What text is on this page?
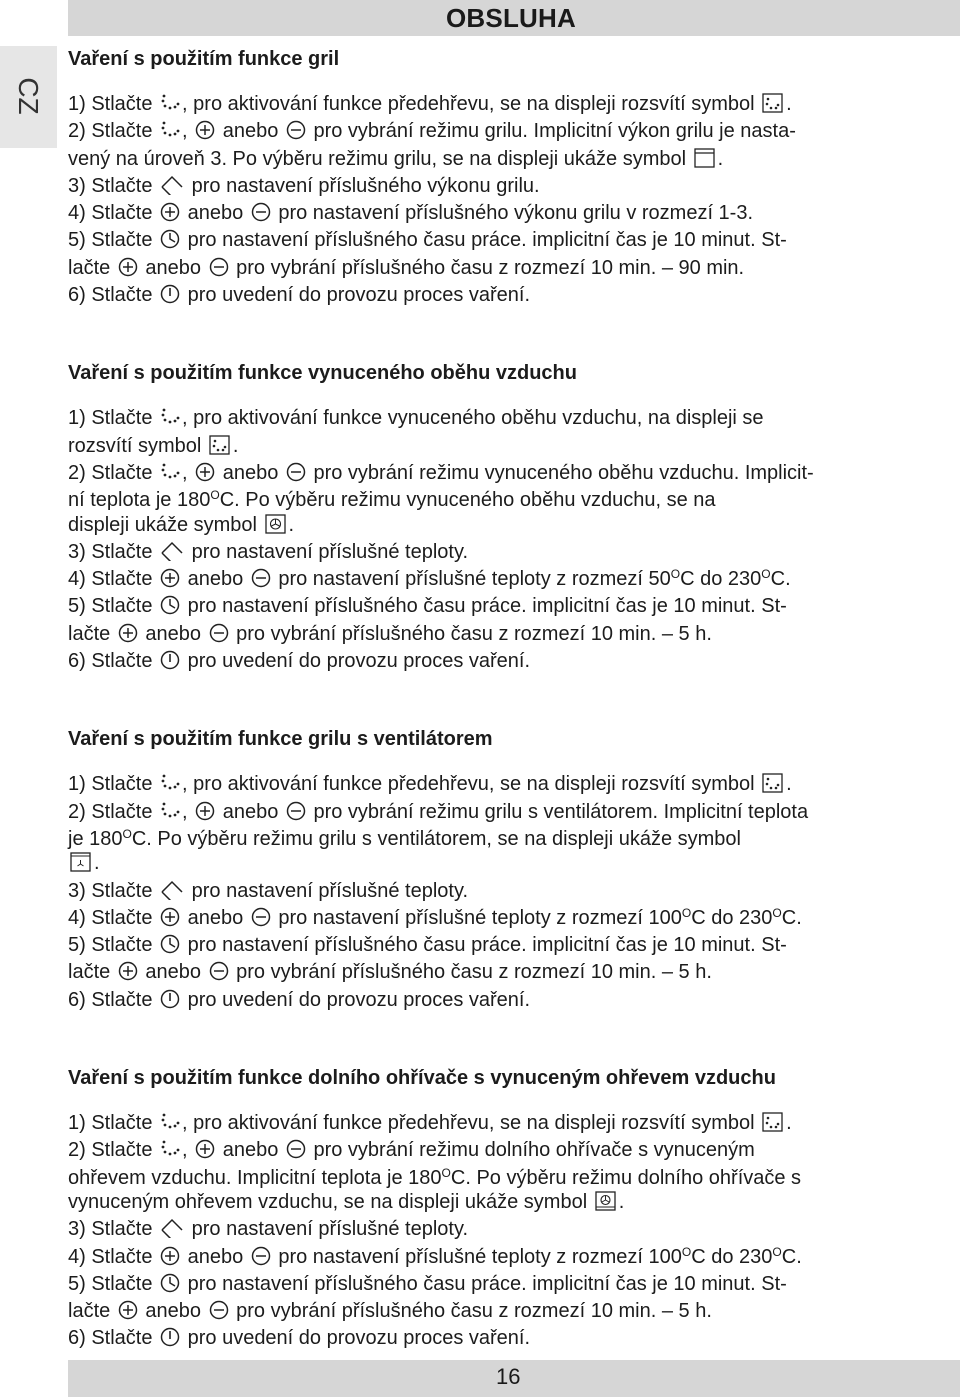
OBSLUHA
CZ
Vaření s použitím funkce gril
1) Stlačte , pro aktivování funkce předehřevu, se na displeji rozsvítí symbol .
2) Stlačte ,  anebo  pro vybrání režimu grilu. Implicitní výkon grilu je nasta-
vený na úroveň 3. Po výběru režimu grilu, se na displeji ukáže symbol .
3) Stlačte  pro nastavení příslušného výkonu grilu.
4) Stlačte  anebo  pro nastavení příslušného výkonu grilu v rozmezí 1-3.
5) Stlačte  pro nastavení příslušného času práce. implicitní čas je 10 minut. St-
lačte  anebo  pro vybrání příslušného času z rozmezí 10 min. – 90 min.
6) Stlačte  pro uvedení do provozu proces vaření.
Vaření s použitím funkce vynuceného oběhu vzduchu
1) Stlačte , pro aktivování funkce vynuceného oběhu vzduchu, na displeji se
rozsvítí symbol .
2) Stlačte ,  anebo  pro vybrání režimu vynuceného oběhu vzduchu. Implicit-
ní teplota je $180^OC$. Po výběru režimu vynuceného oběhu vzduchu, se na
displeji ukáže symbol .
3) Stlačte  pro nastavení příslušné teploty.
4) Stlačte  anebo  pro nastavení příslušné teploty z rozmezí $50^OC$ do $230^OC$.
5) Stlačte  pro nastavení příslušného času práce. implicitní čas je 10 minut. St-
lačte  anebo  pro vybrání příslušného času z rozmezí 10 min. – 5 h.
6) Stlačte  pro uvedení do provozu proces vaření.
Vaření s použitím funkce grilu s ventilátorem
1) Stlačte , pro aktivování funkce předehřevu, se na displeji rozsvítí symbol .
2) Stlačte ,  anebo  pro vybrání režimu grilu s ventilátorem. Implicitní teplota
je $180^OC$. Po výběru režimu grilu s ventilátorem, se na displeji ukáže symbol
.
3) Stlačte  pro nastavení příslušné teploty.
4) Stlačte  anebo  pro nastavení příslušné teploty z rozmezí $100^OC$ do $230^OC$.
5) Stlačte  pro nastavení příslušného času práce. implicitní čas je 10 minut. St-
lačte  anebo  pro vybrání příslušného času z rozmezí 10 min. – 5 h.
6) Stlačte  pro uvedení do provozu proces vaření.
Vaření s použitím funkce dolního ohřívače s vynuceným ohřevem vzduchu
1) Stlačte , pro aktivování funkce předehřevu, se na displeji rozsvítí symbol .
2) Stlačte ,  anebo  pro vybrání režimu dolního ohřívače s vynuceným
ohřevem vzduchu. Implicitní teplota je $180^OC$. Po výběru režimu dolního ohřívače s
vynuceným ohřevem vzduchu, se na displeji ukáže symbol .
3) Stlačte  pro nastavení příslušné teploty.
4) Stlačte  anebo  pro nastavení příslušné teploty z rozmezí $100^OC$ do $230^OC$.
5) Stlačte  pro nastavení příslušného času práce. implicitní čas je 10 minut. St-
lačte  anebo  pro vybrání příslušného času z rozmezí 10 min. – 5 h.
6) Stlačte  pro uvedení do provozu proces vaření.
16
